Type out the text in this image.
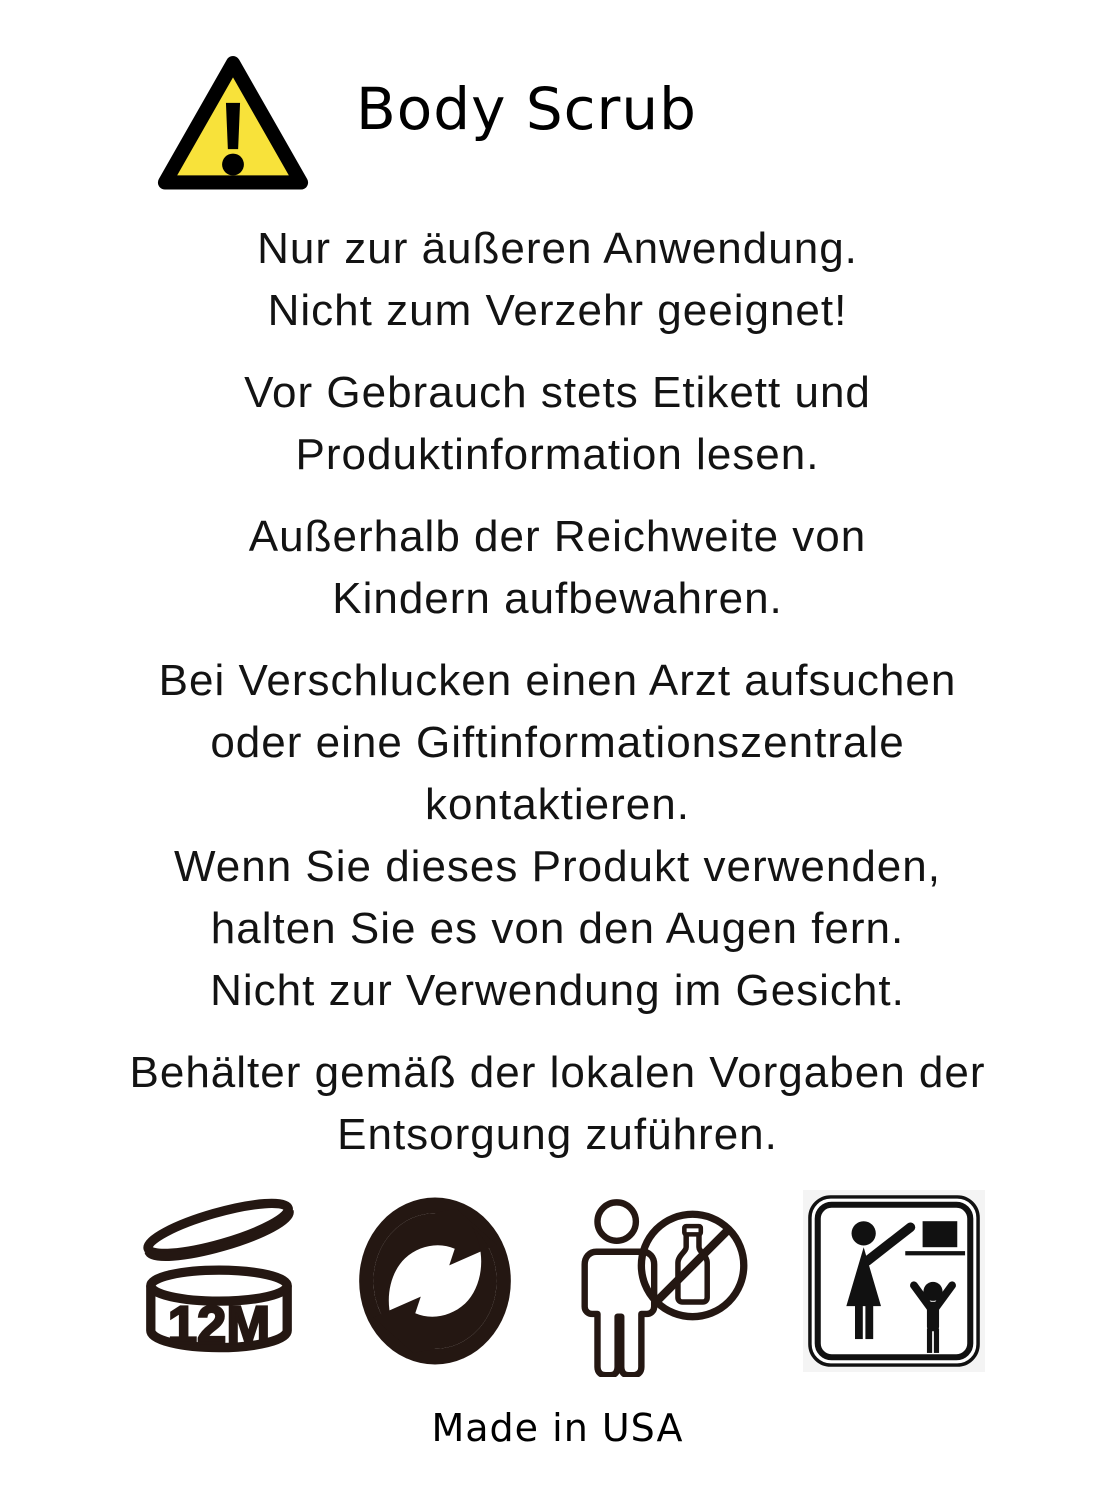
Body Scrub

Nur zur äußeren Anwendung.
Nicht zum Verzehr geeignet!

Vor Gebrauch stets Etikett und
Produktinformation lesen.

Außerhalb der Reichweite von
Kindern aufbewahren.

Bei Verschlucken einen Arzt aufsuchen
oder eine Giftinformationszentrale
kontaktieren.

Wenn Sie dieses Produkt verwenden,
halten Sie es von den Augen fern.
Nicht zur Verwendung im Gesicht.

Behälter gemäß der lokalen Vorgaben der
Entsorgung zuführen.

12M
Made in USA
